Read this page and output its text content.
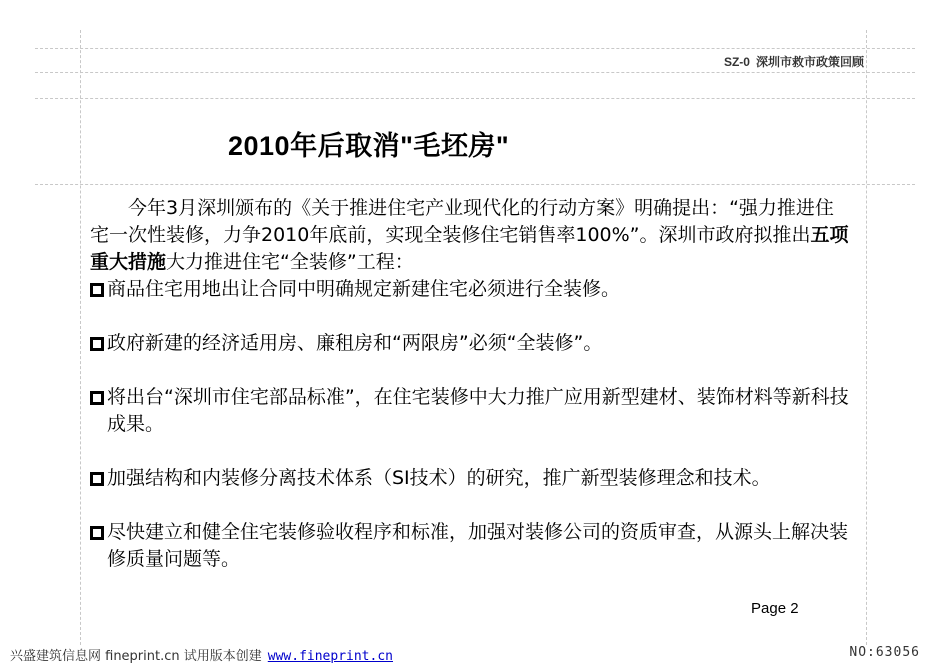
SZ-0 深圳市救市政策回顾
2010年后取消"毛坯房"

今年3月深圳颁布的《关于推进住宅产业现代化的行动方案》明确提出：“强力推进住宅一次性装修，力争2010年底前，实现全装修住宅销售率100%”。深圳市政府拟推出五项重大措施大力推进住宅“全装修”工程：

商品住宅用地出让合同中明确规定新建住宅必须进行全装修。
政府新建的经济适用房、廉租房和“两限房”必须“全装修”。
将出台“深圳市住宅部品标准”，在住宅装修中大力推广应用新型建材、装饰材料等新科技成果。
加强结构和内装修分离技术体系（SI技术）的研究，推广新型装修理念和技术。
尽快建立和健全住宅装修验收程序和标准，加强对装修公司的资质审查，从源头上解决装修质量问题等。
Page 2
兴盛建筑信息网 fineprint.cn 试用版本创建 www.fineprint.cn	NO:63056
